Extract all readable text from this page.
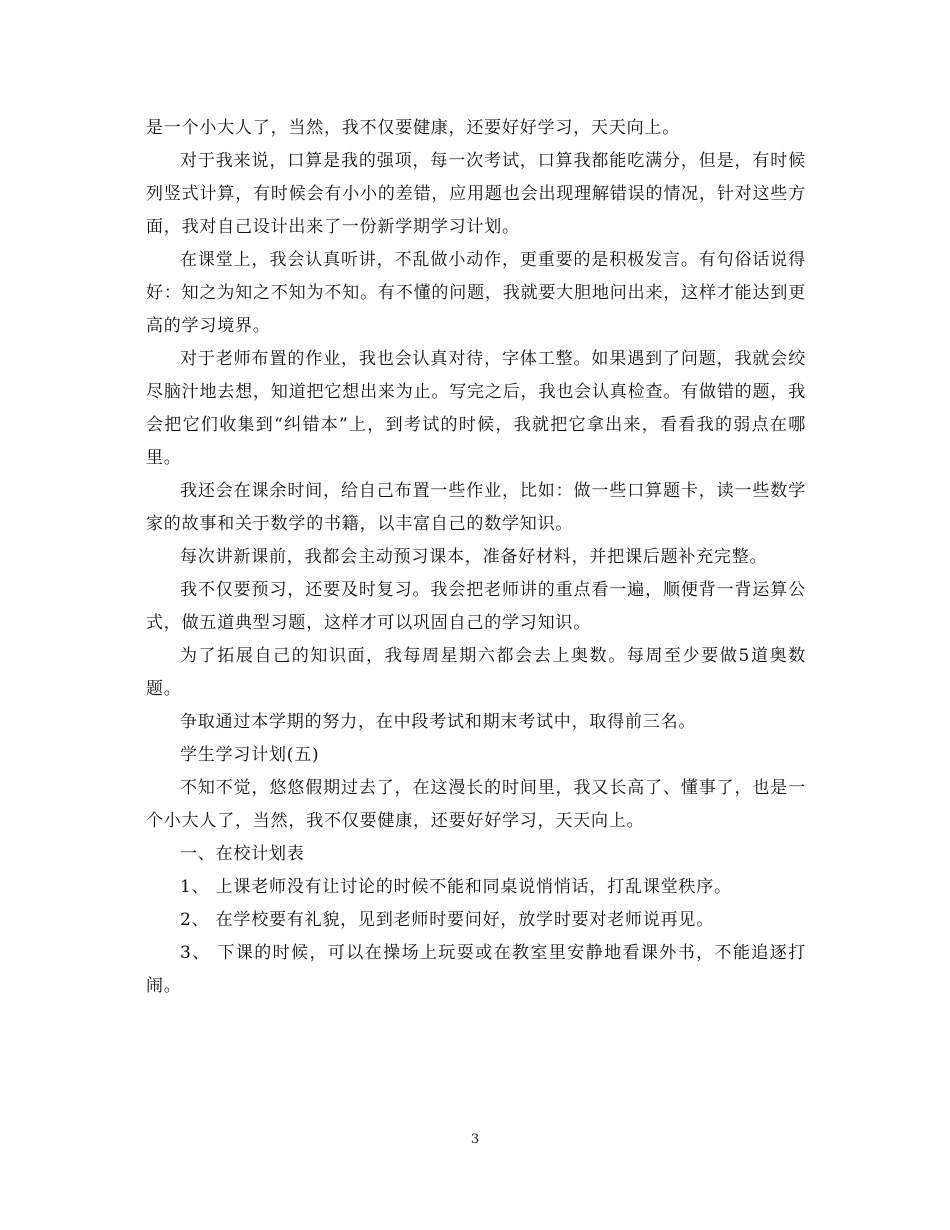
是一个小大人了，当然，我不仅要健康，还要好好学习，天天向上。

对于我来说，口算是我的强项，每一次考试，口算我都能吃满分，但是，有时候列竖式计算，有时候会有小小的差错，应用题也会出现理解错误的情况，针对这些方面，我对自己设计出来了一份新学期学习计划。

在课堂上，我会认真听讲，不乱做小动作，更重要的是积极发言。有句俗话说得好：知之为知之不知为不知。有不懂的问题，我就要大胆地问出来，这样才能达到更高的学习境界。

对于老师布置的作业，我也会认真对待，字体工整。如果遇到了问题，我就会绞尽脑汁地去想，知道把它想出来为止。写完之后，我也会认真检查。有做错的题，我会把它们收集到“纠错本”上，到考试的时候，我就把它拿出来，看看我的弱点在哪里。

我还会在课余时间，给自己布置一些作业，比如：做一些口算题卡，读一些数学家的故事和关于数学的书籍，以丰富自己的数学知识。

每次讲新课前，我都会主动预习课本，准备好材料，并把课后题补充完整。

我不仅要预习，还要及时复习。我会把老师讲的重点看一遍，顺便背一背运算公式，做五道典型习题，这样才可以巩固自己的学习知识。

为了拓展自己的知识面，我每周星期六都会去上奥数。每周至少要做5道奥数题。

争取通过本学期的努力，在中段考试和期末考试中，取得前三名。

学生学习计划(五)

不知不觉，悠悠假期过去了，在这漫长的时间里，我又长高了、懂事了，也是一个小大人了，当然，我不仅要健康，还要好好学习，天天向上。

一、在校计划表

1、 上课老师没有让讨论的时候不能和同桌说悄悄话，打乱课堂秩序。

2、 在学校要有礼貌，见到老师时要问好，放学时要对老师说再见。

3、 下课的时候，可以在操场上玩耍或在教室里安静地看课外书，不能追逐打闹。

3
